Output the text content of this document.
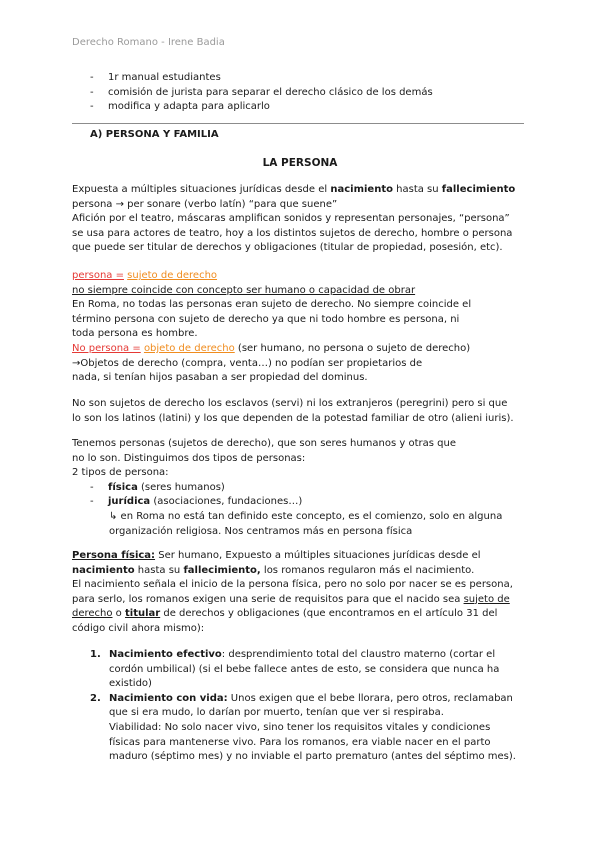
Derecho Romano - Irene Badia
- 1r manual estudiantes
- comisión de jurista para separar el derecho clásico de los demás
- modifica y adapta para aplicarlo
A) PERSONA Y FAMILIA
LA PERSONA
Expuesta a múltiples situaciones jurídicas desde el nacimiento hasta su fallecimiento
persona → per sonare (verbo latín) “para que suene”
Afición por el teatro, máscaras amplifican sonidos y representan personajes, “persona”
se usa para actores de teatro, hoy a los distintos sujetos de derecho, hombre o persona
que puede ser titular de derechos y obligaciones (titular de propiedad, posesión, etc).
persona = sujeto de derecho
no siempre coincide con concepto ser humano o capacidad de obrar
En Roma, no todas las personas eran sujeto de derecho. No siempre coincide el
término persona con sujeto de derecho ya que ni todo hombre es persona, ni
toda persona es hombre.
No persona = objeto de derecho (ser humano, no persona o sujeto de derecho)
→Objetos de derecho (compra, venta…) no podían ser propietarios de
nada, si tenían hijos pasaban a ser propiedad del dominus.
No son sujetos de derecho los esclavos (servi) ni los extranjeros (peregrini) pero si que
lo son los latinos (latini) y los que dependen de la potestad familiar de otro (alieni iuris).
Tenemos personas (sujetos de derecho), que son seres humanos y otras que
no lo son. Distinguimos dos tipos de personas:
2 tipos de persona:
- física (seres humanos)
- jurídica (asociaciones, fundaciones…)
↳ en Roma no está tan definido este concepto, es el comienzo, solo en alguna
organización religiosa. Nos centramos más en persona física
Persona física: Ser humano, Expuesto a múltiples situaciones jurídicas desde el
nacimiento hasta su fallecimiento, los romanos regularon más el nacimiento.
El nacimiento señala el inicio de la persona física, pero no solo por nacer se es persona,
para serlo, los romanos exigen una serie de requisitos para que el nacido sea sujeto de
derecho o titular de derechos y obligaciones (que encontramos en el artículo 31 del
código civil ahora mismo):
1. Nacimiento efectivo: desprendimiento total del claustro materno (cortar el
cordón umbilical) (si el bebe fallece antes de esto, se considera que nunca ha
existido)
2. Nacimiento con vida: Unos exigen que el bebe llorara, pero otros, reclamaban
que si era mudo, lo darían por muerto, tenían que ver si respiraba.
Viabilidad: No solo nacer vivo, sino tener los requisitos vitales y condiciones
físicas para mantenerse vivo. Para los romanos, era viable nacer en el parto
maduro (séptimo mes) y no inviable el parto prematuro (antes del séptimo mes).
